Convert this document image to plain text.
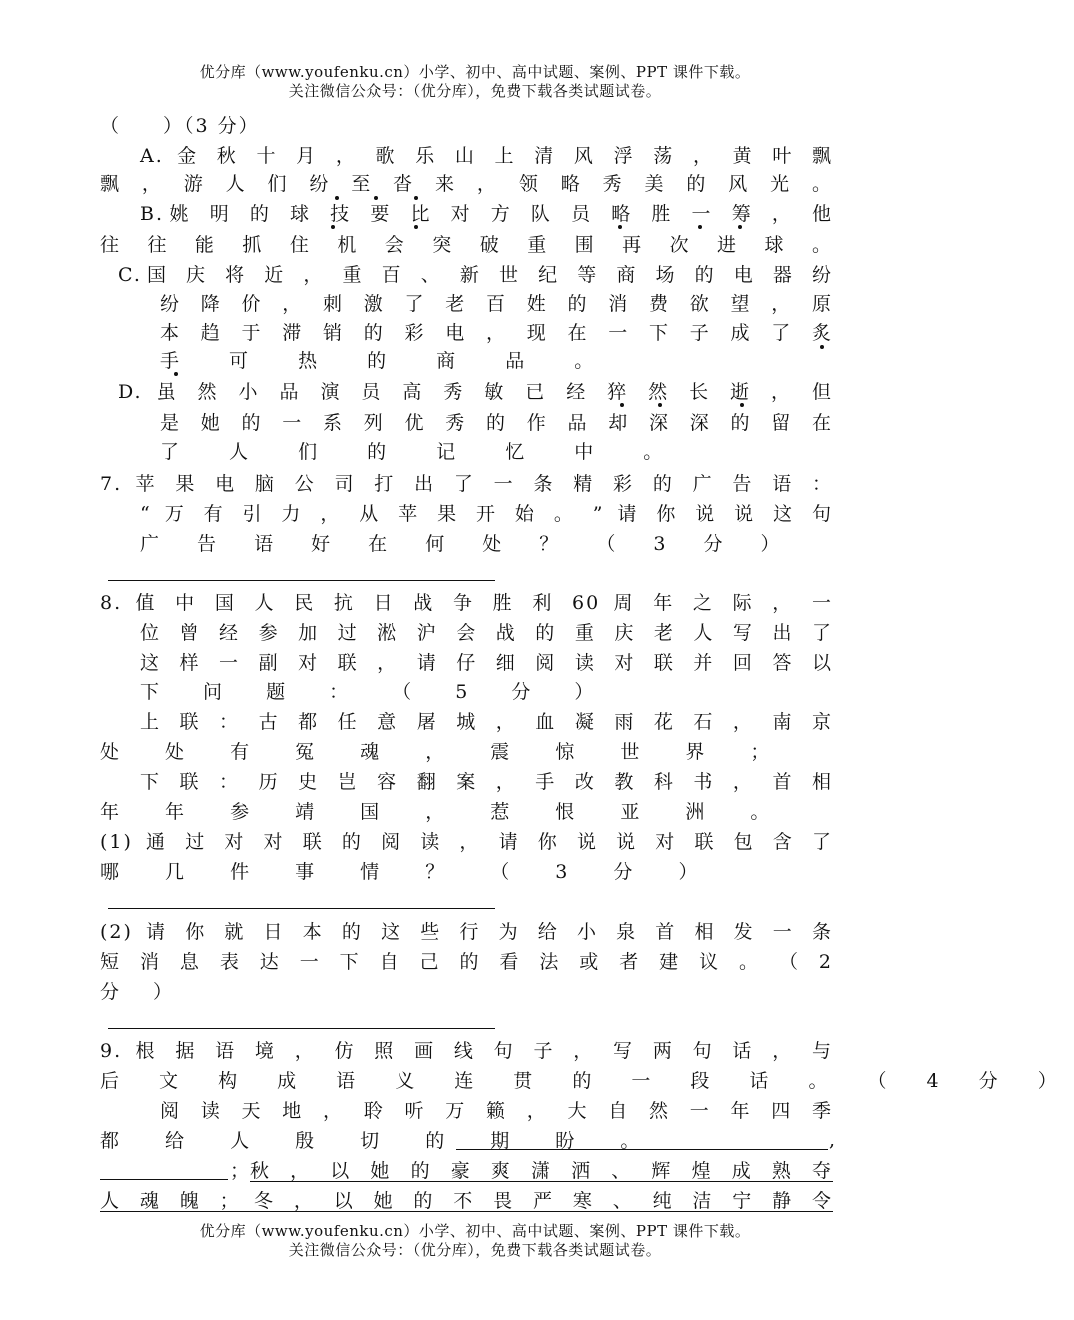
优分库（www.youfenku.cn）小学、初中、高中试题、案例、PPT 课件下载。
关注微信公众号：（优分库），免费下载各类试题试卷。
（　　）（3 分）
A. 金 秋 十 月 ， 歌 乐 山 上 清 风 浮 荡 ， 黄 叶 飘
飘 ， 游 人 们 纷 至 沓 来 ， 领 略 秀 美 的 风 光 。
B.姚 明 的 球 技 要 比 对 方 队 员 略 胜 一 筹 ， 他
往 往 能 抓 住 机 会 突 破 重 围 再 次 进 球 。
C.国 庆 将 近 ， 重 百 、 新 世 纪 等 商 场 的 电 器 纷
纷 降 价 ， 刺 激 了 老 百 姓 的 消 费 欲 望 ， 原
本 趋 于 滞 销 的 彩 电 ， 现 在 一 下 子 成 了 炙
手 可 热 的 商 品 。
D. 虽 然 小 品 演 员 高 秀 敏 已 经 猝 然 长 逝 ， 但
是 她 的 一 系 列 优 秀 的 作 品 却 深 深 的 留 在
了 人 们 的 记 忆 中 。
7. 苹 果 电 脑 公 司 打 出 了 一 条 精 彩 的 广 告 语 ：
“ 万 有 引 力 ， 从 苹 果 开 始 。 ” 请 你 说 说 这 句
广 告 语 好 在 何 处 ？ （ 3 分 ）
8. 值 中 国 人 民 抗 日 战 争 胜 利 60 周 年 之 际 ， 一
位 曾 经 参 加 过 淞 沪 会 战 的 重 庆 老 人 写 出 了
这 样 一 副 对 联 ， 请 仔 细 阅 读 对 联 并 回 答 以
下 问 题 ： （ 5 分 ）
上 联 ： 古 都 任 意 屠 城 ， 血 凝 雨 花 石 ， 南 京
处 处 有 冤 魂 ， 震 惊 世 界 ；
下 联 ： 历 史 岂 容 翻 案 ， 手 改 教 科 书 ， 首 相
年 年 参 靖 国 ， 惹 恨 亚 洲 。
(1) 通 过 对 对 联 的 阅 读 ， 请 你 说 说 对 联 包 含 了
哪 几 件 事 情 ？ （ 3 分 ）
(2) 请 你 就 日 本 的 这 些 行 为 给 小 泉 首 相 发 一 条
短 消 息 表 达 一 下 自 己 的 看 法 或 者 建 议 。 （ 2
分 ）
9. 根 据 语 境 ， 仿 照 画 线 句 子 ， 写 两 句 话 ， 与
后 文 构 成 语 义 连 贯 的 一 段 话 。 （ 4 分 ）
阅 读 天 地 ， 聆 听 万 籁 ， 大 自 然 一 年 四 季
都 给 人 殷 切 的 期 盼 。	,
；
秋 ， 以 她 的 豪 爽 潇 洒 、 辉 煌 成 熟 夺
人 魂 魄 ； 冬 ， 以 她 的 不 畏 严 寒 、 纯 洁 宁 静 令
优分库（www.youfenku.cn）小学、初中、高中试题、案例、PPT 课件下载。
关注微信公众号：（优分库），免费下载各类试题试卷。
